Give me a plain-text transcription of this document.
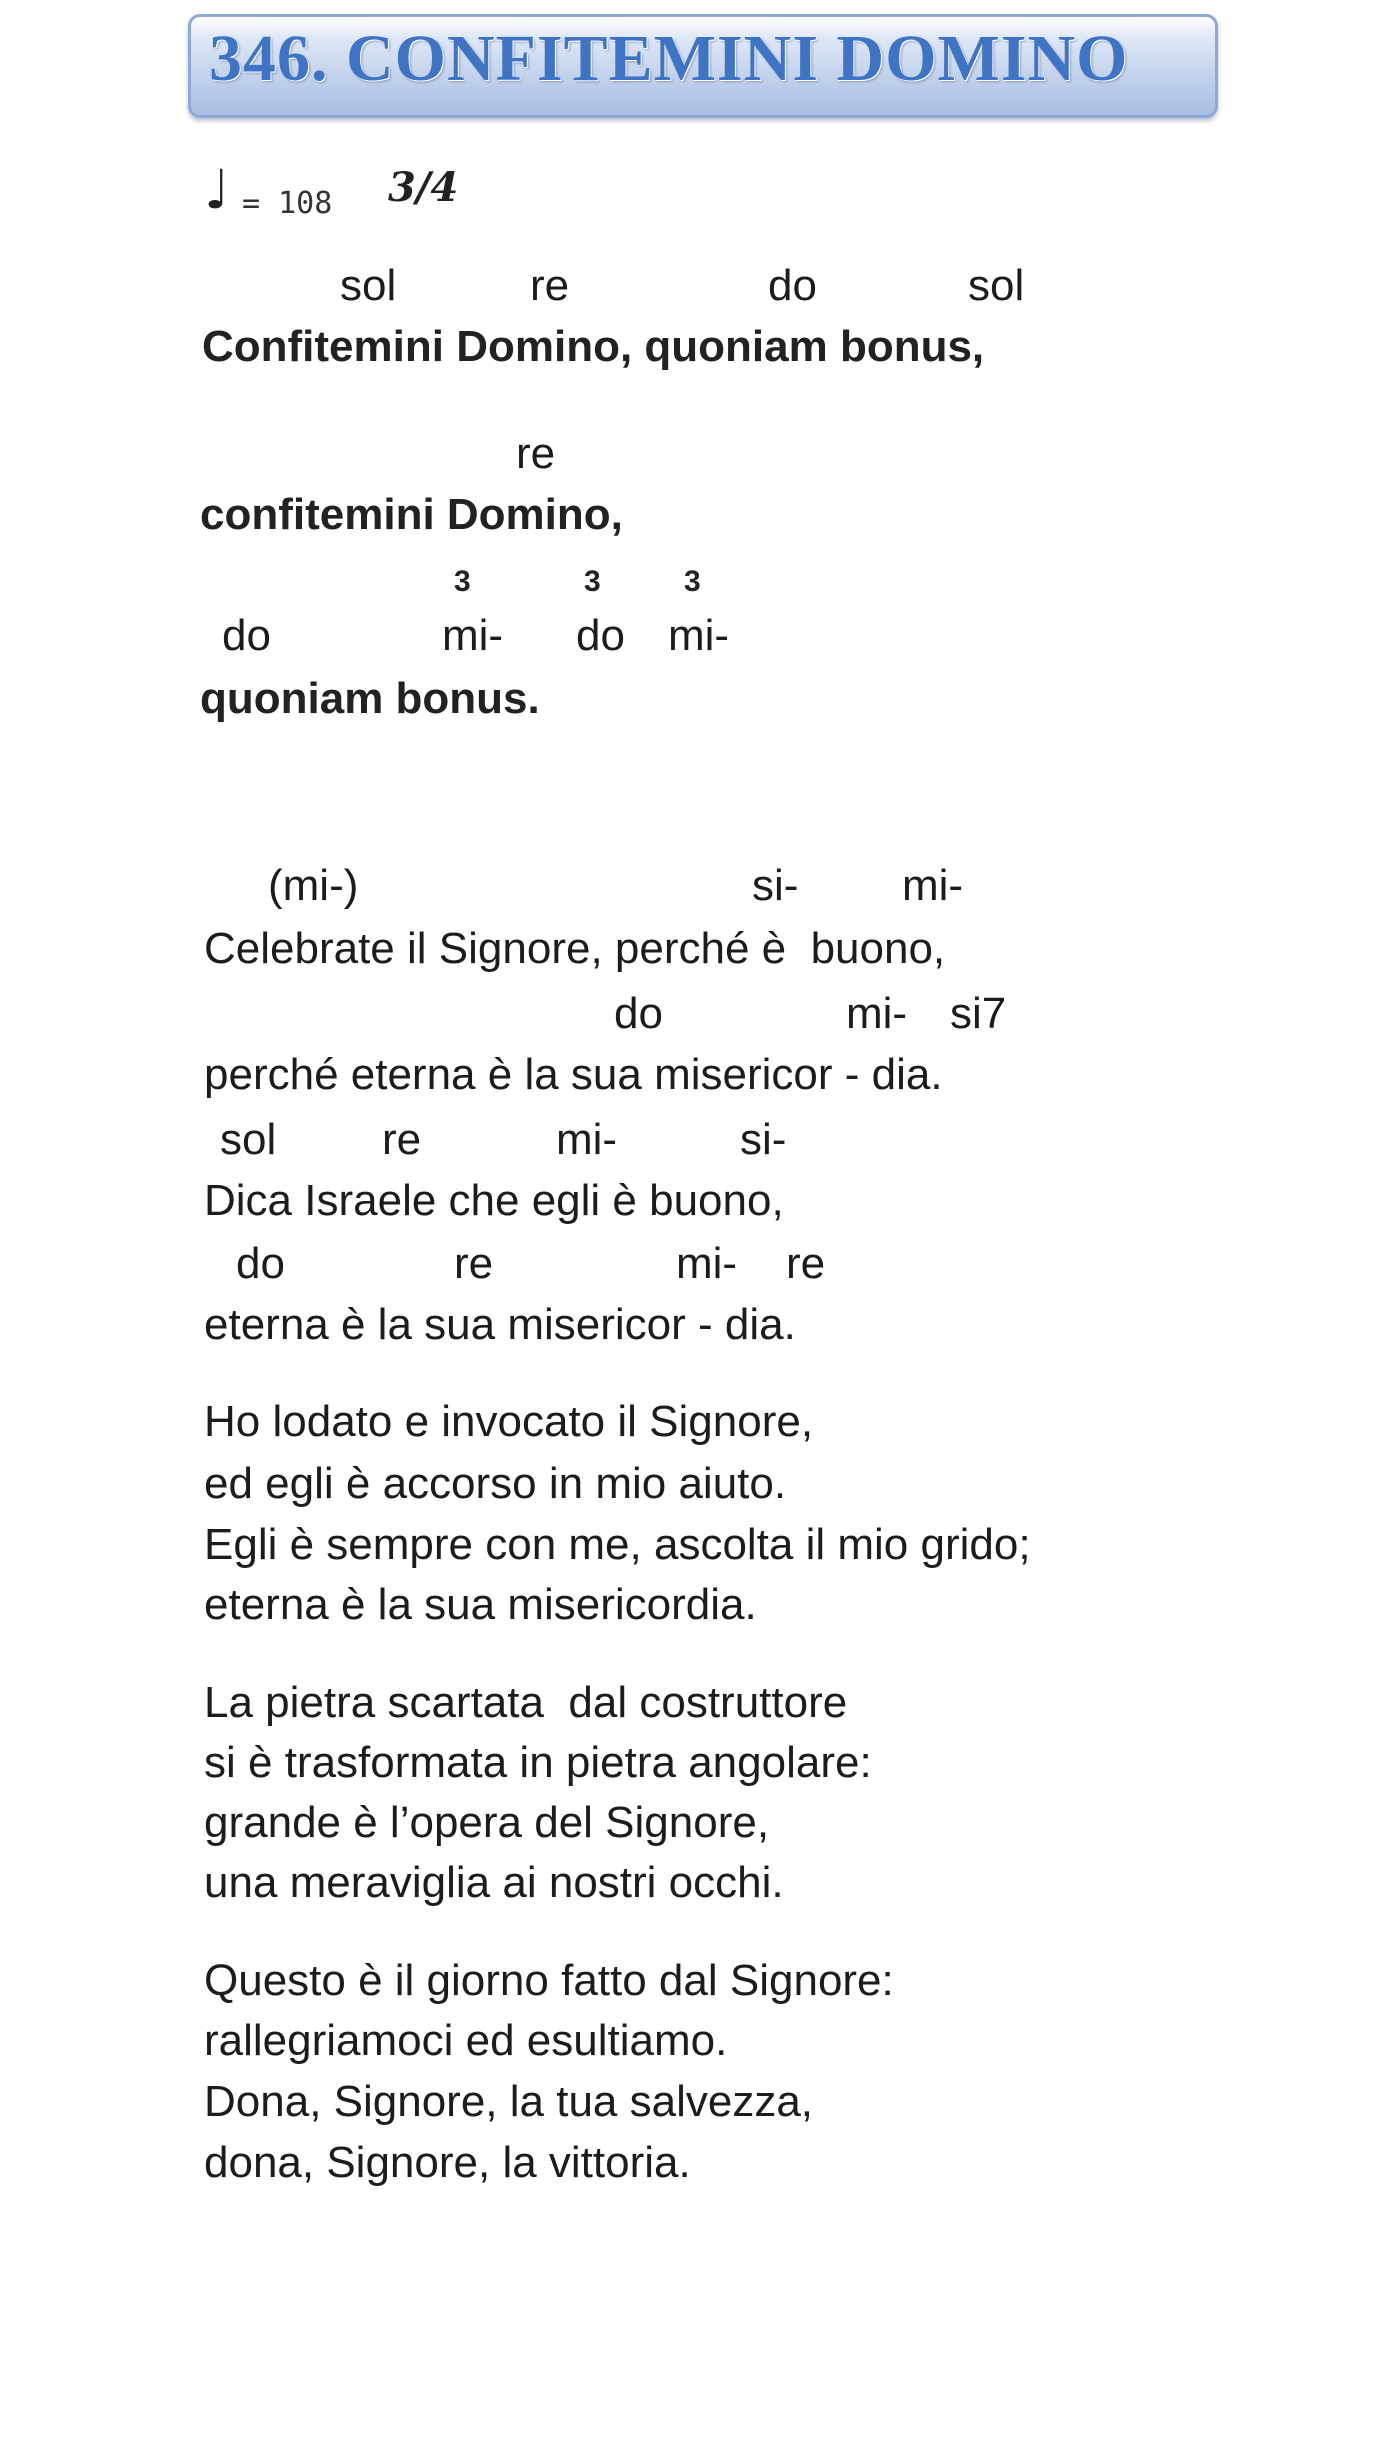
346. CONFITEMINI DOMINO
♩ = 108 3/4
sol	re	do	sol
Confitemini Domino, quoniam bonus,
re
confitemini Domino,
3	3	3
do	mi- do mi-
quoniam bonus.
(mi-)	si- mi-
Celebrate il Signore, perché è  buono,
do	mi- si7
perché eterna è la sua misericor - dia.
sol re	mi-	si-
Dica Israele che egli è buono,
do	re	mi- re
eterna è la sua misericor - dia.
Ho lodato e invocato il Signore,
ed egli è accorso in mio aiuto.
Egli è sempre con me, ascolta il mio grido;
eterna è la sua misericordia.
La pietra scartata  dal costruttore
si è trasformata in pietra angolare:
grande è l’opera del Signore,
una meraviglia ai nostri occhi.
Questo è il giorno fatto dal Signore:
rallegriamoci ed esultiamo.
Dona, Signore, la tua salvezza,
dona, Signore, la vittoria.
